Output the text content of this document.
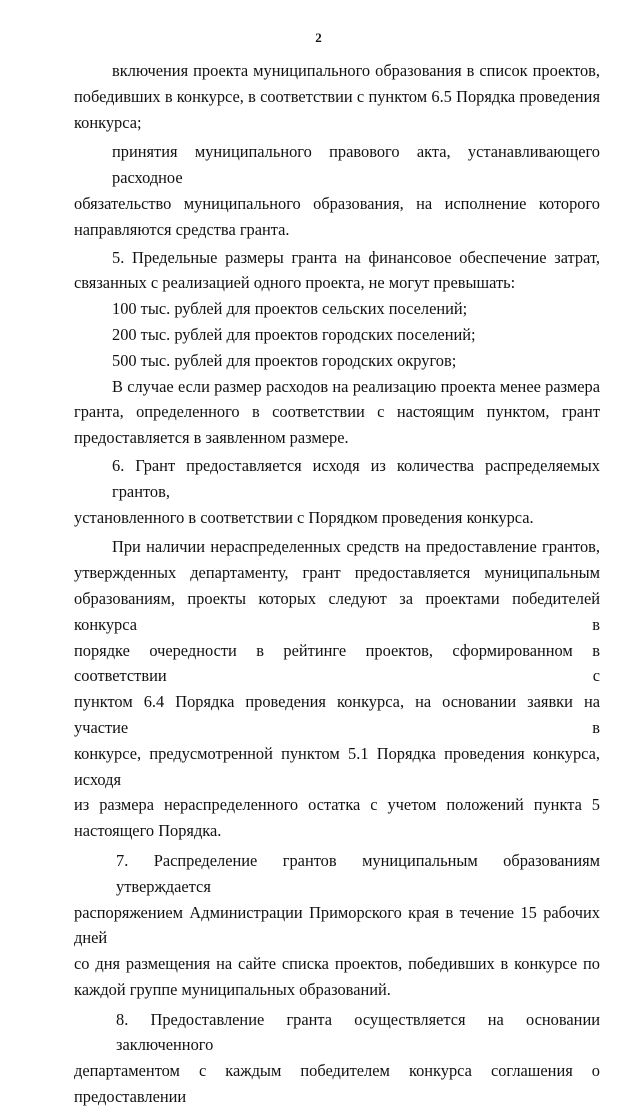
2
включения проекта муниципального образования в список проектов,
победивших в конкурсе, в соответствии с пунктом 6.5 Порядка проведения
конкурса;
принятия муниципального правового акта, устанавливающего расходное
обязательство муниципального образования, на исполнение которого
направляются средства гранта.
5. Предельные размеры гранта на финансовое обеспечение затрат,
связанных с реализацией одного проекта, не могут превышать:
100 тыс. рублей для проектов сельских поселений;
200 тыс. рублей для проектов городских поселений;
500 тыс. рублей для проектов городских округов;
В случае если размер расходов на реализацию проекта менее размера
гранта, определенного в соответствии с настоящим пунктом, грант
предоставляется в заявленном размере.
6. Грант предоставляется исходя из количества распределяемых грантов,
установленного в соответствии с Порядком проведения конкурса.
При наличии нераспределенных средств на предоставление грантов,
утвержденных департаменту, грант предоставляется муниципальным
образованиям, проекты которых следуют за проектами победителей конкурса в
порядке очередности в рейтинге проектов, сформированном в соответствии с
пунктом 6.4 Порядка проведения конкурса, на основании заявки на участие в
конкурсе, предусмотренной пунктом 5.1 Порядка проведения конкурса, исходя
из размера нераспределенного остатка с учетом положений пункта 5
настоящего Порядка.
7. Распределение грантов муниципальным образованиям утверждается
распоряжением Администрации Приморского края в течение 15 рабочих дней
со дня размещения на сайте списка проектов, победивших в конкурсе по
каждой группе муниципальных образований.
8. Предоставление гранта осуществляется на основании заключенного
департаментом с каждым победителем конкурса соглашения о предоставлении
